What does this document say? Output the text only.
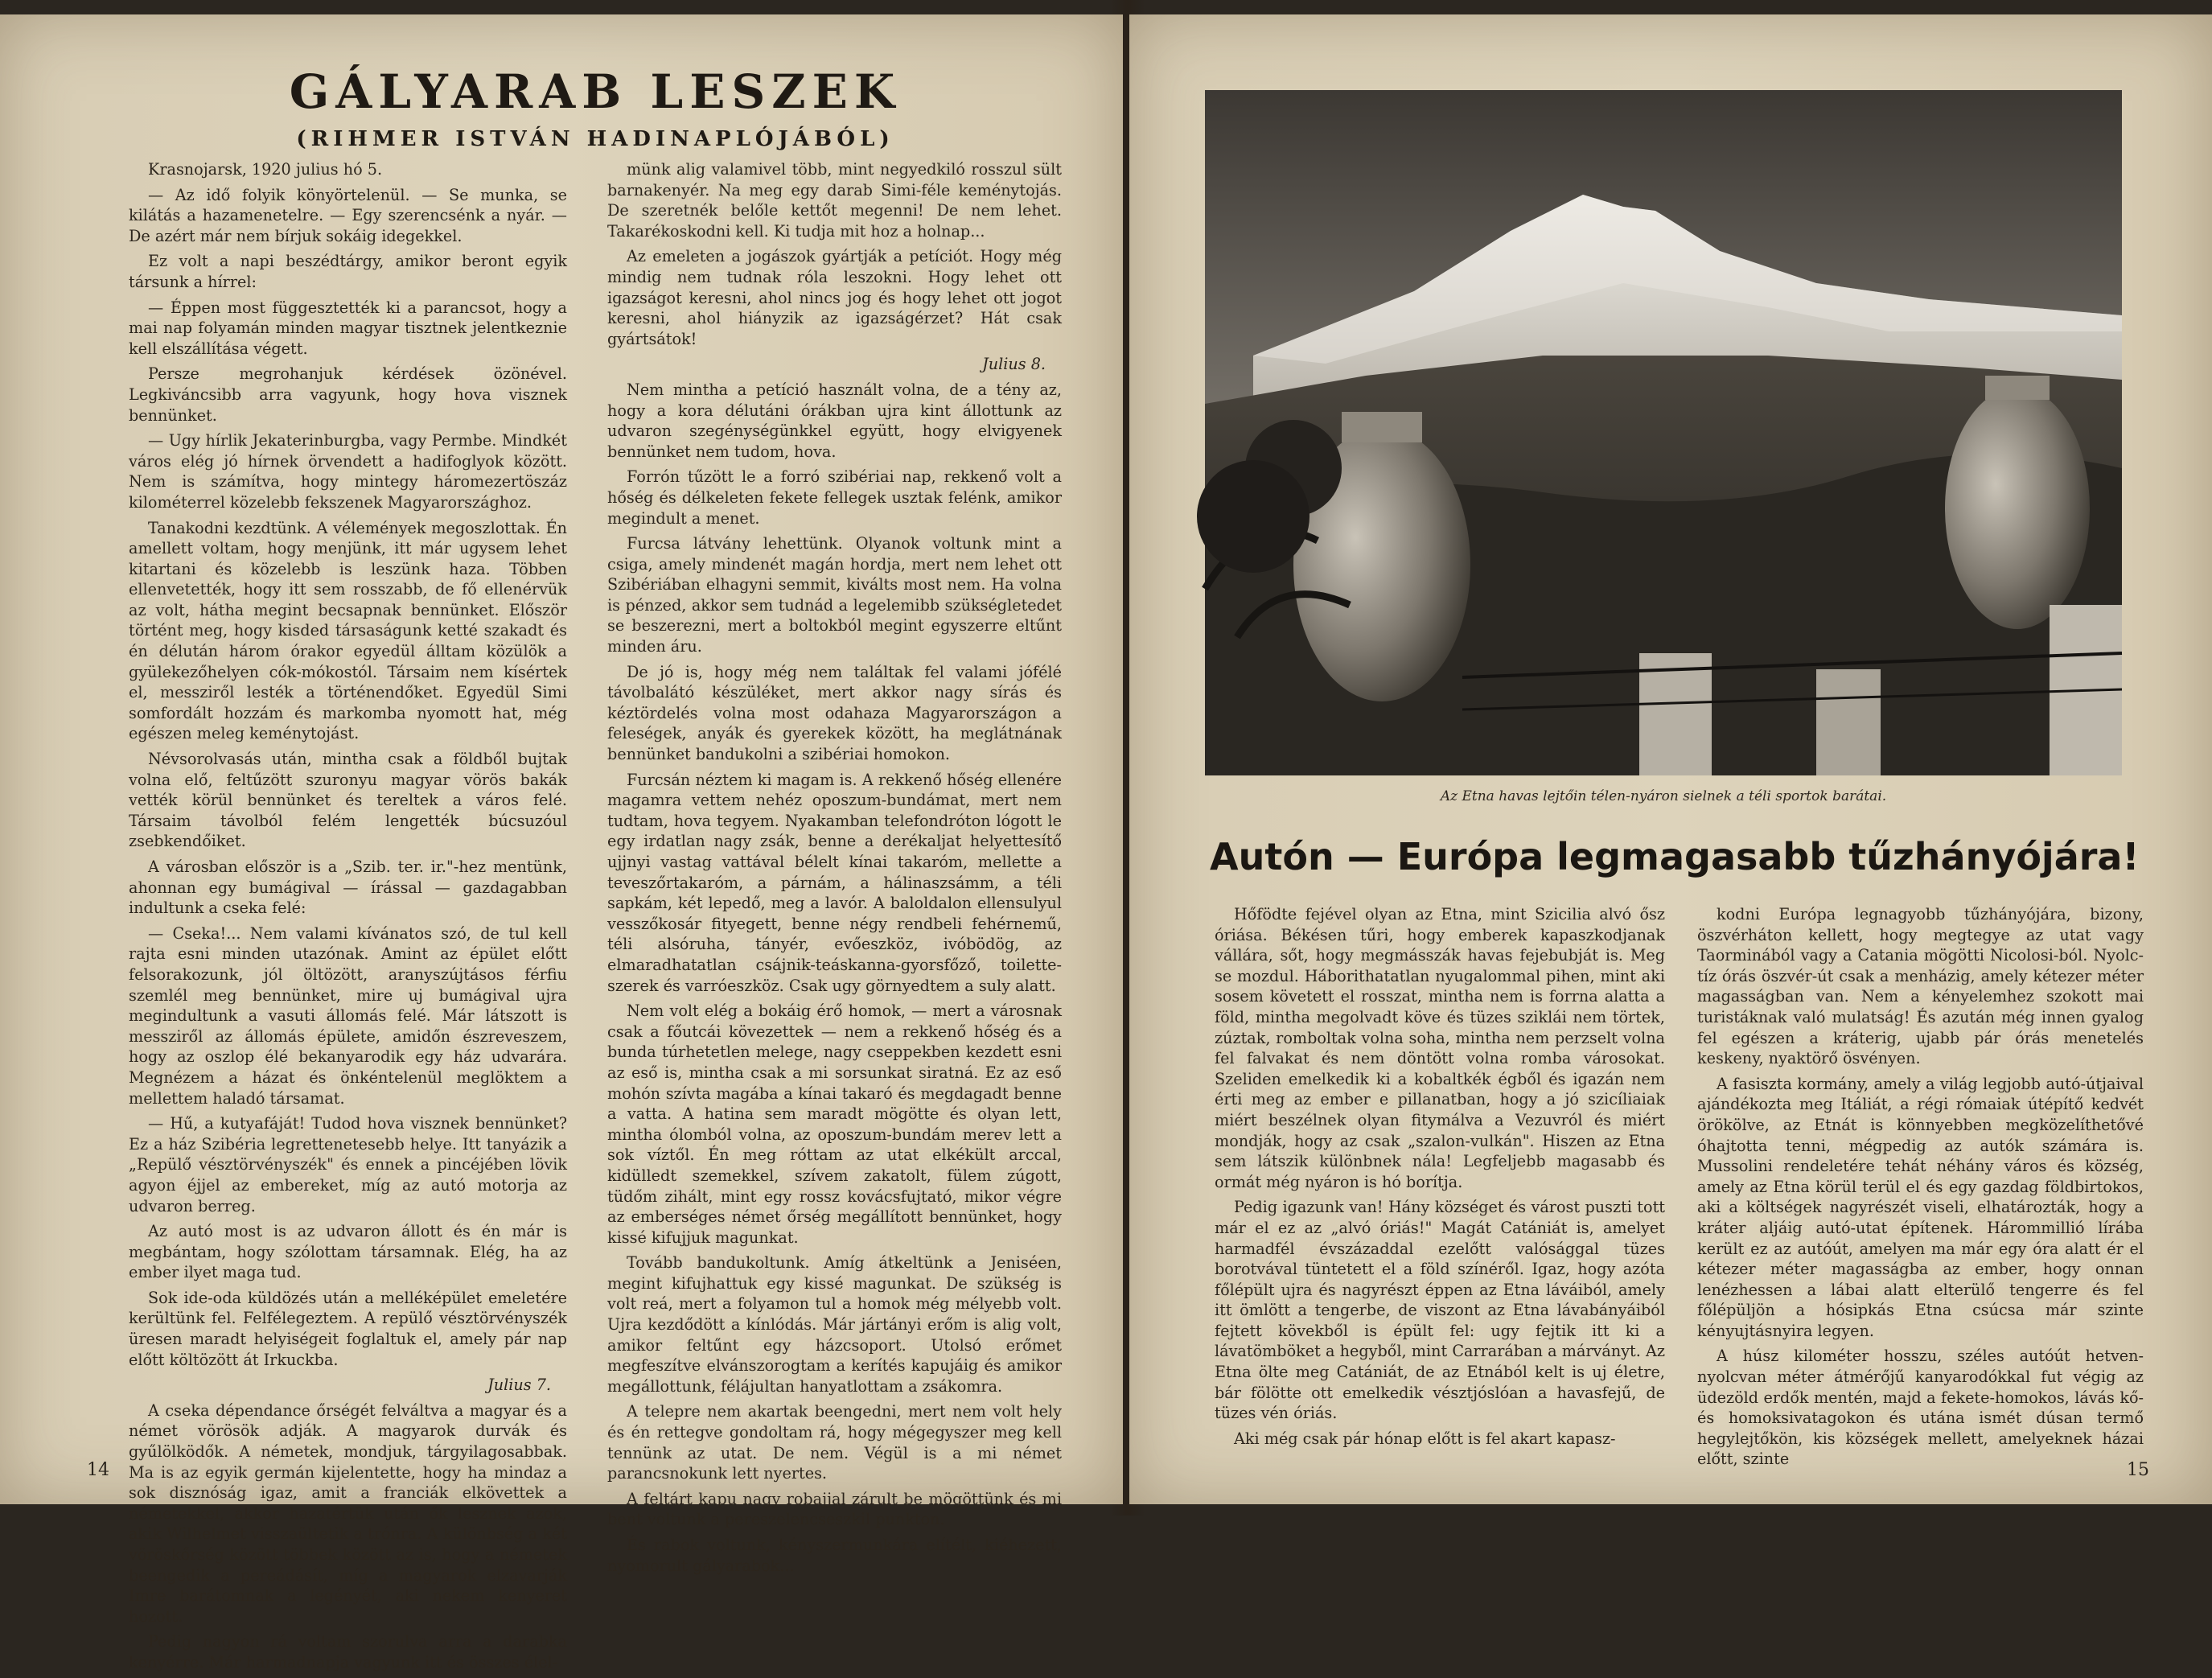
GÁLYARAB LESZEK
(RIHMER ISTVÁN HADINAPLÓJÁBÓL)

Krasnojarsk, 1920 julius hó 5.

— Az idő folyik könyörtelenül. — Se munka, se kilátás a hazamenetelre. — Egy szerencsénk a nyár. — De azért már nem bírjuk sokáig idegekkel.

Ez volt a napi beszédtárgy, amikor beront egyik társunk a hírrel:

— Éppen most függesztették ki a parancsot, hogy a mai nap folyamán minden magyar tisztnek jelentkeznie kell elszállítása végett.

Persze megrohanjuk kérdések özönével. Legkiváncsibb arra vagyunk, hogy hova visznek bennünket.

— Ugy hírlik Jekaterinburgba, vagy Permbe. Mindkét város elég jó hírnek örvendett a hadifoglyok között. Nem is számítva, hogy mintegy háromezertöszáz kilométerrel közelebb fekszenek Magyarországhoz.

Tanakodni kezdtünk. A vélemények megoszlottak. Én amellett voltam, hogy menjünk, itt már ugysem lehet kitartani és közelebb is leszünk haza. Többen ellenvetették, hogy itt sem rosszabb, de fő ellenérvük az volt, hátha megint becsapnak bennünket. Először történt meg, hogy kisded társaságunk ketté szakadt és én délután három órakor egyedül álltam közülök a gyülekezőhelyen cók-mókostól. Társaim nem kísértek el, messziről lesték a történendőket. Egyedül Simi somfordált hozzám és markomba nyomott hat, még egészen meleg keménytojást.

Névsorolvasás után, mintha csak a földből bujtak volna elő, feltűzött szuronyu magyar vörös bakák vették körül bennünket és tereltek a város felé. Társaim távolból felém lengették búcsuzóul zsebkendőiket.

A városban először is a „Szib. ter. ir."-hez mentünk, ahonnan egy bumágival — írással — gazdagabban indultunk a cseka felé:

— Cseka!... Nem valami kívánatos szó, de tul kell rajta esni minden utazónak. Amint az épület előtt felsorakozunk, jól öltözött, aranyszújtásos férfiu szemlél meg bennünket, mire uj bumágival ujra megindultunk a vasuti állomás felé. Már látszott is messziről az állomás épülete, amidőn észreveszem, hogy az oszlop élé bekanyarodik egy ház udvarára. Megnézem a házat és önkéntelenül meglöktem a mellettem haladó társamat.

— Hű, a kutyafáját! Tudod hova visznek bennünket? Ez a ház Szibéria legrettenetesebb helye. Itt tanyázik a „Repülő vésztörvényszék" és ennek a pincéjében lövik agyon éjjel az embereket, míg az autó motorja az udvaron berreg.

Az autó most is az udvaron állott és én már is megbántam, hogy szólottam társamnak. Elég, ha az ember ilyet maga tud.

Sok ide-oda küldözés után a melléképület emeletére kerültünk fel. Felfélegeztem. A repülő vésztörvényszék üresen maradt helyiségeit foglaltuk el, amely pár nap előtt költözött át Irkuckba.

Julius 7.

A cseka dépendance őrségét felváltva a magyar és a német vörösök adják. A magyarok durvák és gyűlölködők. A németek, mondjuk, tárgyilagosabbak. Ma is az egyik germán kijelentette, hogy ha mindaz a sok disznóság igaz, amit a franciák elkövettek a németekkel, akkor hazatértük után ők lesznek azok, akik Wilhelmet visszaültetik a trónra. A különbség a két vöröskőrség között többek között az is, hogy a németek beengedik a pereádásít, míg a magyarok elzavarják Imre barátomnak a legényét, aki nekem kenyeret hozott.

Pedig nagyon rá voltam szorulva arra a darabka kenyérre. Már harmadnapja vagyunk itt és összes élel-

münk alig valamivel több, mint negyedkiló rosszul sült barnakenyér. Na meg egy darab Simi-féle keménytojás. De szeretnék belőle kettőt megenni! De nem lehet. Takarékoskodni kell. Ki tudja mit hoz a holnap...

Az emeleten a jogászok gyártják a petíciót. Hogy még mindig nem tudnak róla leszokni. Hogy lehet ott igazságot keresni, ahol nincs jog és hogy lehet ott jogot keresni, ahol hiányzik az igazságérzet? Hát csak gyártsátok!

Julius 8.

Nem mintha a petíció használt volna, de a tény az, hogy a kora délutáni órákban ujra kint állottunk az udvaron szegénységünkkel együtt, hogy elvigyenek bennünket nem tudom, hova.

Forrón tűzött le a forró szibériai nap, rekkenő volt a hőség és délkeleten fekete fellegek usztak felénk, amikor megindult a menet.

Furcsa látvány lehettünk. Olyanok voltunk mint a csiga, amely mindenét magán hordja, mert nem lehet ott Szibériában elhagyni semmit, kiválts most nem. Ha volna is pénzed, akkor sem tudnád a legelemibb szükségletedet se beszerezni, mert a boltokból megint egyszerre eltűnt minden áru.

De jó is, hogy még nem találtak fel valami jófélé távolbalátó készüléket, mert akkor nagy sírás és kéztördelés volna most odahaza Magyarországon a feleségek, anyák és gyerekek között, ha meglátnának bennünket bandukolni a szibériai homokon.

Furcsán néztem ki magam is. A rekkenő hőség ellenére magamra vettem nehéz oposzum-bundámat, mert nem tudtam, hova tegyem. Nyakamban telefondróton lógott le egy irdatlan nagy zsák, benne a derékaljat helyettesítő ujjnyi vastag vattával bélelt kínai takaróm, mellette a teveszőrtakaróm, a párnám, a hálinaszsámm, a téli sapkám, két lepedő, meg a lavór. A baloldalon ellensulyul vesszőkosár fityegett, benne négy rendbeli fehérnemű, téli alsóruha, tányér, evőeszköz, ivóbödög, az elmaradhatatlan csájnik-teáskanna-gyorsfőző, toilette-szerek és varróeszköz. Csak ugy görnyedtem a suly alatt.

Nem volt elég a bokáig érő homok, — mert a városnak csak a főutcái kövezettek — nem a rekkenő hőség és a bunda túrhetetlen melege, nagy cseppekben kezdett esni az eső is, mintha csak a mi sorsunkat siratná. Ez az eső mohón szívta magába a kínai takaró és megdagadt benne a vatta. A hatina sem maradt mögötte és olyan lett, mintha ólomból volna, az oposzum-bundám merev lett a sok víztől. Én meg róttam az utat elkékült arccal, kidülledt szemekkel, szívem zakatolt, fülem zúgott, tüdőm zihált, mint egy rossz kovácsfujtató, mikor végre az emberséges német őrség megállított bennünket, hogy kissé kifujjuk magunkat.

Tovább bandukoltunk. Amíg átkeltünk a Jeniséen, megint kifujhattuk egy kissé magunkat. De szükség is volt reá, mert a folyamon tul a homok még mélyebb volt. Ujra kezdődött a kínlódás. Már jártányi erőm is alig volt, amikor feltűnt egy házcsoport. Utolsó erőmet megfeszítve elvánszorogtam a kerítés kapujáig és amikor megállottunk, félájultan hanyatlottam a zsákomra.

A telepre nem akartak beengedni, mert nem volt hely és én rettegve gondoltam rá, hogy mégegyszer meg kell tennünk az utat. De nem. Végül is a mi német parancsnokunk lett nyertes.

A feltárt kapu nagy robajjal zárult be mögöttünk és mi bent voltunk a pereszelencseszkil punkton.

És rabok voltunk, kényszermunkára elítélt, kiéhezett, nyomorult gályarabok...

14
Az Etna havas lejtőin télen-nyáron sielnek a téli sportok barátai.
Autón — Európa legmagasabb tűzhányójára!

Hőfödte fejével olyan az Etna, mint Szicilia alvó ősz óriása. Békésen tűri, hogy emberek kapaszkodjanak vállára, sőt, hogy megmásszák havas fejebubját is. Meg se mozdul. Háborithatatlan nyugalommal pihen, mint aki sosem követett el rosszat, mintha nem is forrna alatta a föld, mintha megolvadt köve és tüzes sziklái nem törtek, zúztak, romboltak volna soha, mintha nem perzselt volna fel falvakat és nem döntött volna romba városokat. Szeliden emelkedik ki a kobaltkék égből és igazán nem érti meg az ember e pillanatban, hogy a jó szicíliaiak miért beszélnek olyan fitymálva a Vezuvról és miért mondják, hogy az csak „szalon-vulkán". Hiszen az Etna sem látszik különbnek nála! Legfeljebb magasabb és ormát még nyáron is hó borítja.

Pedig igazunk van! Hány községet és várost puszti tott már el ez az „alvó óriás!" Magát Catániát is, amelyet harmadfél évszázaddal ezelőtt valósággal tüzes borotvával tüntetett el a föld színéről. Igaz, hogy azóta főlépült ujra és nagyrészt éppen az Etna láváiból, amely itt ömlött a tengerbe, de viszont az Etna lávabányáiból fejtett kövekből is épült fel: ugy fejtik itt ki a lávatömböket a hegyből, mint Carrarában a márványt. Az Etna ölte meg Catániát, de az Etnából kelt is uj életre, bár fölötte ott emelkedik vésztjóslóan a havasfejű, de tüzes vén óriás.

Aki még csak pár hónap előtt is fel akart kapasz-

kodni Európa legnagyobb tűzhányójára, bizony, öszvérháton kellett, hogy megtegye az utat vagy Taorminából vagy a Catania mögötti Nicolosi-ból. Nyolc-tíz órás öszvér-út csak a menházig, amely kétezer méter magasságban van. Nem a kényelemhez szokott mai turistáknak való mulatság! És azután még innen gyalog fel egészen a kráterig, ujabb pár órás menetelés keskeny, nyaktörő ösvényen.

A fasiszta kormány, amely a világ legjobb autó-útjaival ajándékozta meg Itáliát, a régi rómaiak útépítő kedvét örökölve, az Etnát is könnyebben megközelíthetővé óhajtotta tenni, mégpedig az autók számára is. Mussolini rendeletére tehát néhány város és község, amely az Etna körül terül el és egy gazdag földbirtokos, aki a költségek nagyrészét viseli, elhatározták, hogy a kráter aljáig autó-utat építenek. Hárommillió lírába került ez az autóút, amelyen ma már egy óra alatt ér el kétezer méter magasságba az ember, hogy onnan lenézhessen a lábai alatt elterülő tengerre és fel főlépüljön a hósipkás Etna csúcsa már szinte kényujtásnyira legyen.

A húsz kilométer hosszu, széles autóút hetven-nyolcvan méter átmérőjű kanyarodókkal fut végig az üdezöld erdők mentén, majd a fekete-homokos, lávás kő- és homoksivatagokon és utána ismét dúsan termő hegylejtőkön, kis községek mellett, amelyeknek házai előtt, szinte

15
